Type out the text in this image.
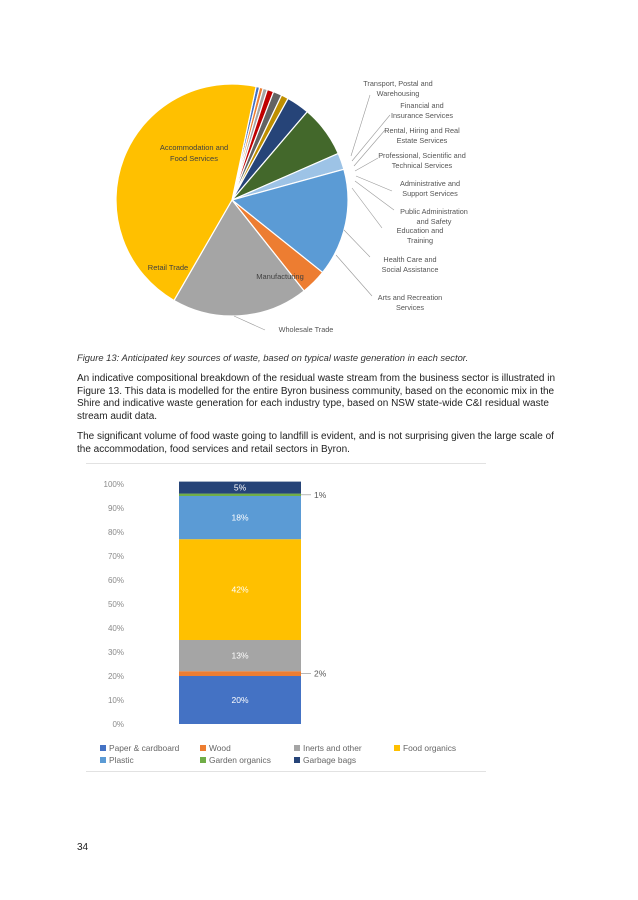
Accommodation and
Food Services
Retail Trade
Manufacturing
Transport, Postal and
Warehousing
Financial and
Insurance Services
Rental, Hiring and Real
Estate Services
Professional, Scientific and
Technical Services
Administrative and
Support Services
Public Administration
and Safety
Education and
Training
Health Care and
Social Assistance
Arts and Recreation
Services
Wholesale Trade

Figure 13: Anticipated key sources of waste, based on typical waste generation in each sector.

An indicative compositional breakdown of the residual waste stream from the business sector is illustrated in Figure 13. This data is modelled for the entire Byron business community, based on the economic mix in the Shire and indicative waste generation for each industry type, based on NSW state-wide C&I residual waste stream audit data.

The significant volume of food waste going to landfill is evident, and is not surprising given the large scale of the accommodation, food services and retail sectors in Byron.

0%
10%
20%
30%
40%
50%
60%
70%
80%
90%
100%
20%
2%
13%
42%
18%
1%
5%
Paper & cardboard	Wood	Inerts and other	Food organics
Plastic	Garden organics	Garbage bags
34
